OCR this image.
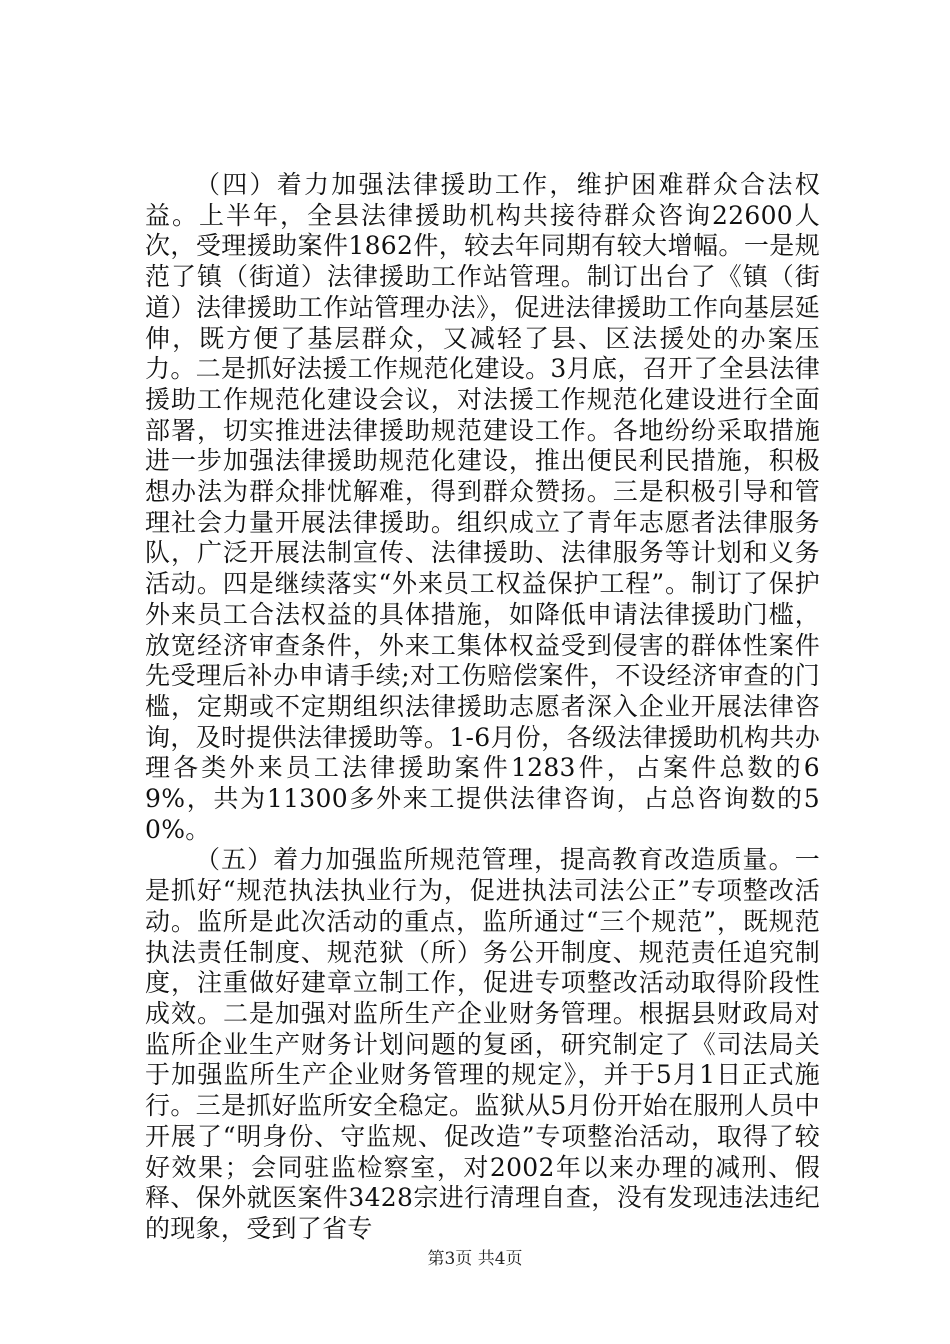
（四）着力加强法律援助工作，维护困难群众合法权益。上半年，全县法律援助机构共接待群众咨询22600人次，受理援助案件1862件，较去年同期有较大增幅。一是规范了镇（街道）法律援助工作站管理。制订出台了《镇（街道）法律援助工作站管理办法》，促进法律援助工作向基层延伸，既方便了基层群众，又减轻了县、区法援处的办案压力。二是抓好法援工作规范化建设。3月底，召开了全县法律援助工作规范化建设会议，对法援工作规范化建设进行全面部署，切实推进法律援助规范建设工作。各地纷纷采取措施进一步加强法律援助规范化建设，推出便民利民措施，积极想办法为群众排忧解难，得到群众赞扬。三是积极引导和管理社会力量开展法律援助。组织成立了青年志愿者法律服务队，广泛开展法制宣传、法律援助、法律服务等计划和义务活动。四是继续落实“外来员工权益保护工程”。制订了保护外来员工合法权益的具体措施，如降低申请法律援助门槛，放宽经济审查条件，外来工集体权益受到侵害的群体性案件先受理后补办申请手续;对工伤赔偿案件，不设经济审查的门槛，定期或不定期组织法律援助志愿者深入企业开展法律咨询，及时提供法律援助等。1-6月份，各级法律援助机构共办理各类外来员工法律援助案件1283件，占案件总数的69%，共为11300多外来工提供法律咨询，占总咨询数的50%。

（五）着力加强监所规范管理，提高教育改造质量。一是抓好“规范执法执业行为，促进执法司法公正”专项整改活动。监所是此次活动的重点，监所通过“三个规范”，既规范执法责任制度、规范狱（所）务公开制度、规范责任追究制度，注重做好建章立制工作，促进专项整改活动取得阶段性成效。二是加强对监所生产企业财务管理。根据县财政局对监所企业生产财务计划问题的复函，研究制定了《司法局关于加强监所生产企业财务管理的规定》，并于5月1日正式施行。三是抓好监所安全稳定。监狱从5月份开始在服刑人员中开展了“明身份、守监规、促改造”专项整治活动，取得了较好效果；会同驻监检察室，对2002年以来办理的减刑、假释、保外就医案件3428宗进行清理自查，没有发现违法违纪的现象，受到了省专

第3页 共4页
